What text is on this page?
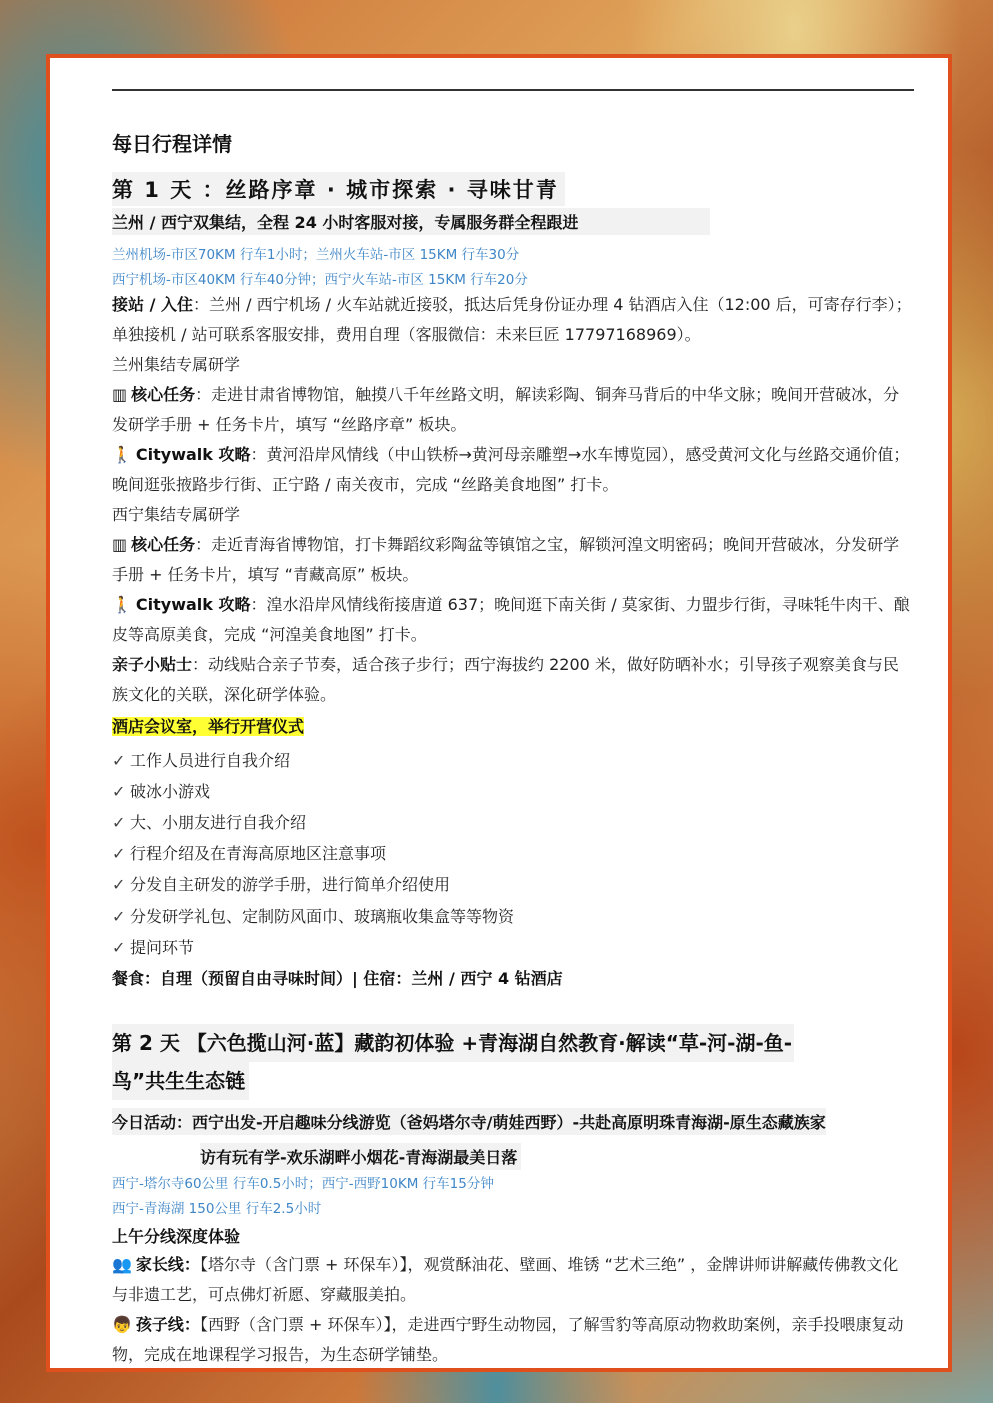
每日行程详情
第 1 天 ：丝路序章 · 城市探索 · 寻味甘青
兰州 / 西宁双集结，全程 24 小时客服对接，专属服务群全程跟进
兰州机场-市区70KM 行车1小时；兰州火车站-市区 15KM 行车30分
西宁机场-市区40KM 行车40分钟；西宁火车站-市区 15KM 行车20分
接站 / 入住：兰州 / 西宁机场 / 火车站就近接驳，抵达后凭身份证办理 4 钻酒店入住（12:00 后，可寄存行李）；单独接机 / 站可联系客服安排，费用自理（客服微信：未来巨匠 17797168969）。
兰州集结专属研学
▥ 核心任务：走进甘肃省博物馆，触摸八千年丝路文明，解读彩陶、铜奔马背后的中华文脉；晚间开营破冰，分发研学手册 + 任务卡片，填写 “丝路序章” 板块。
🚶 Citywalk 攻略：黄河沿岸风情线（中山铁桥→黄河母亲雕塑→水车博览园），感受黄河文化与丝路交通价值；晚间逛张掖路步行街、正宁路 / 南关夜市，完成 “丝路美食地图” 打卡。
西宁集结专属研学
▥ 核心任务：走近青海省博物馆，打卡舞蹈纹彩陶盆等镇馆之宝，解锁河湟文明密码；晚间开营破冰，分发研学手册 + 任务卡片，填写 “青藏高原” 板块。
🚶 Citywalk 攻略：湟水沿岸风情线衔接唐道 637；晚间逛下南关街 / 莫家街、力盟步行街，寻味牦牛肉干、酿皮等高原美食，完成 “河湟美食地图” 打卡。
亲子小贴士：动线贴合亲子节奏，适合孩子步行；西宁海拔约 2200 米，做好防晒补水；引导孩子观察美食与民族文化的关联，深化研学体验。
酒店会议室，举行开营仪式
✓ 工作人员进行自我介绍
✓ 破冰小游戏
✓ 大、小朋友进行自我介绍
✓ 行程介绍及在青海高原地区注意事项
✓ 分发自主研发的游学手册，进行简单介绍使用
✓ 分发研学礼包、定制防风面巾、玻璃瓶收集盒等等物资
✓ 提问环节
餐食：自理（预留自由寻味时间）| 住宿：兰州 / 西宁 4 钻酒店
第 2 天 【六色揽山河·蓝】藏韵初体验 +青海湖自然教育·解读“草-河-湖-鱼-
鸟”共生生态链
今日活动：西宁出发-开启趣味分线游览（爸妈塔尔寺/萌娃西野）-共赴高原明珠青海湖-原生态藏族家
访有玩有学-欢乐湖畔小烟花-青海湖最美日落
西宁-塔尔寺60公里 行车0.5小时；西宁-西野10KM 行车15分钟
西宁-青海湖 150公里 行车2.5小时
上午分线深度体验
👥 家长线：【塔尔寺（含门票 + 环保车）】，观赏酥油花、壁画、堆锈 “艺术三绝” ，金牌讲师讲解藏传佛教文化与非遗工艺，可点佛灯祈愿、穿藏服美拍。
👦 孩子线：【西野（含门票 + 环保车）】，走进西宁野生动物园，了解雪豹等高原动物救助案例，亲手投喂康复动物，完成在地课程学习报告，为生态研学铺垫。
